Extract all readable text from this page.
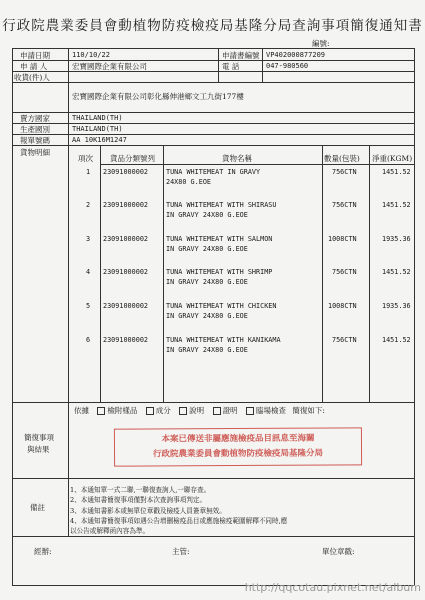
行政院農業委員會動植物防疫檢疫局基隆分局查詢事項簡復通知書
編號:
申請日期	110/10/22	申請書編號 VP402000877209
申 請 人	宏寶國際企業有限公司	電 話	047-980560
收貨(件)人
宏寶國際企業有限公司彰化縣伸港鄉文工九街177樓
賣方國家	THAILAND(TH)
生產國別	THAILAND(TH)
報單號碼	AA 10K16M1247
貨物明細
項次 貨品分類號列	貨物名稱	數量(包裝) 淨重(KGM)
1 23091000002	TUNA WHITEMEAT IN GRAVY
24X80 G.EOE
756CTN	1451.52
2 23091000002	TUNA WHITEMEAT WITH SHIRASU
IN GRAVY 24X80 G.EOE
756CTN	1451.52
3 23091000002	TUNA WHITEMEAT WITH SALMON
IN GRAVY 24X80 G.EOE
1008CTN	1935.36
4 23091000002	TUNA WHITEMEAT WITH SHRIMP
IN GRAVY 24X80 G.EOE
756CTN	1451.52
5 23091000002	TUNA WHITEMEAT WITH CHICKEN
IN GRAVY 24X80 G.EOE
1008CTN	1935.36
6 23091000002	TUNA WHITEMEAT WITH KANIKAMA
IN GRAVY 24X80 G.EOE
756CTN	1451.52
簡復事項
與結果
依據 檢附樣品 成分 說明 證明 臨場檢查 簡復如下:
本案已傳送非屬應施檢疫品目訊息至海關
行政院農業委員會動植物防疫檢疫局基隆分局
備註
1、本通知單一式二聯,一聯復查詢人,一聯存查。
2、本通知書簡復事項僅對本次查詢事項判定。
3、本通知書影本或無單位章戳及檢疫人員簽章無效。
4、本通知書簡復事項如遇公告增刪檢疫品目或應施檢疫範圍解釋不同時,應
以公告或解釋函內容為準。
經辦:	主管:	單位章戳:
http://qqcotau.pixnet.net/album
